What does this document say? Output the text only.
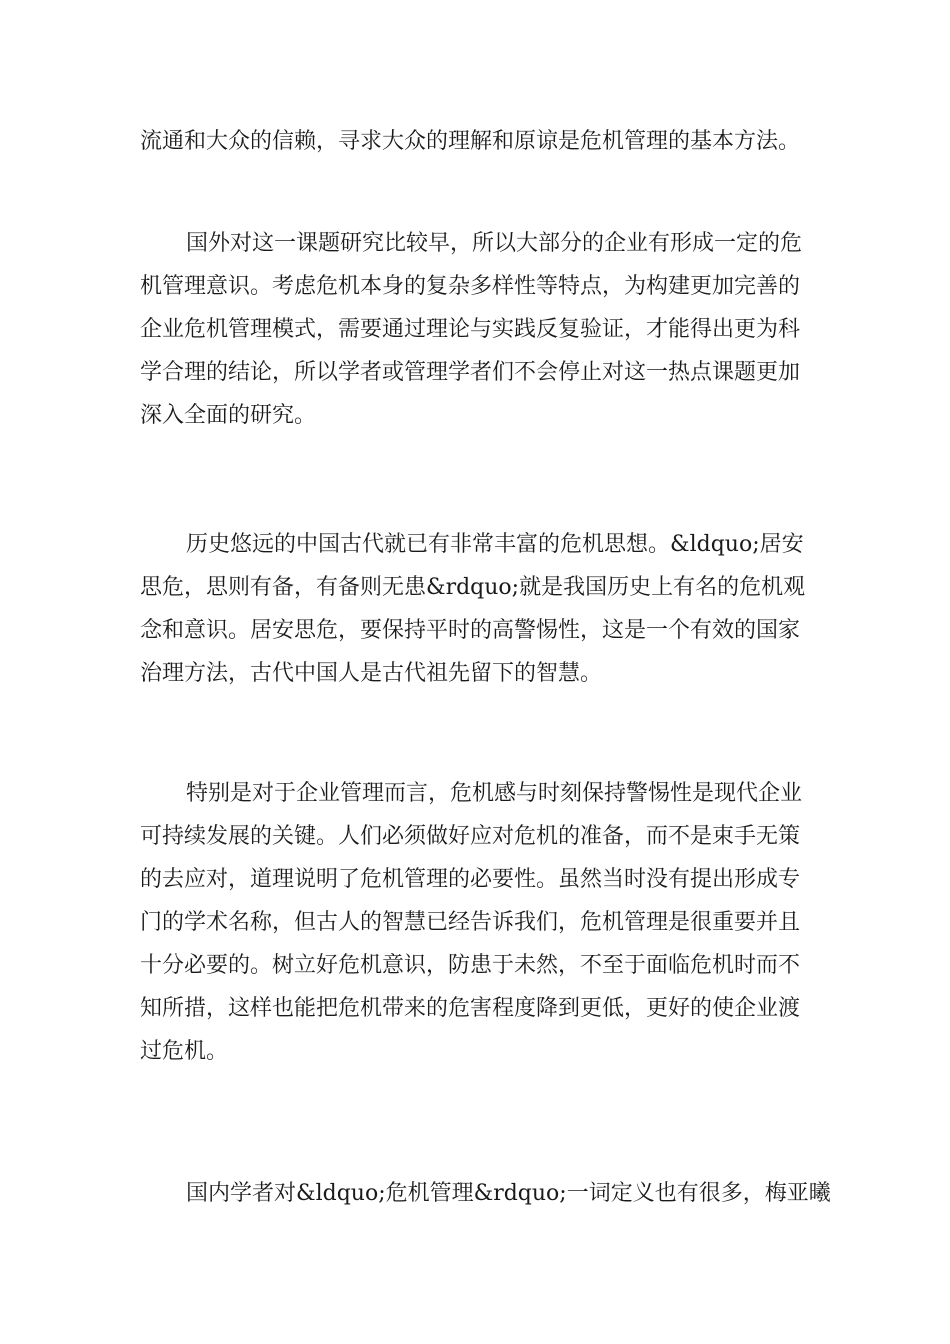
流通和大众的信赖，寻求大众的理解和原谅是危机管理的基本方法。
国外对这一课题研究比较早，所以大部分的企业有形成一定的危
机管理意识。考虑危机本身的复杂多样性等特点，为构建更加完善的
企业危机管理模式，需要通过理论与实践反复验证，才能得出更为科
学合理的结论，所以学者或管理学者们不会停止对这一热点课题更加
深入全面的研究。
历史悠远的中国古代就已有非常丰富的危机思想。&ldquo;居安
思危，思则有备，有备则无患&rdquo;就是我国历史上有名的危机观
念和意识。居安思危，要保持平时的高警惕性，这是一个有效的国家
治理方法，古代中国人是古代祖先留下的智慧。
特别是对于企业管理而言，危机感与时刻保持警惕性是现代企业
可持续发展的关键。人们必须做好应对危机的准备，而不是束手无策
的去应对，道理说明了危机管理的必要性。虽然当时没有提出形成专
门的学术名称，但古人的智慧已经告诉我们，危机管理是很重要并且
十分必要的。树立好危机意识，防患于未然，不至于面临危机时而不
知所措，这样也能把危机带来的危害程度降到更低，更好的使企业渡
过危机。
国内学者对&ldquo;危机管理&rdquo;一词定义也有很多，梅亚曦
